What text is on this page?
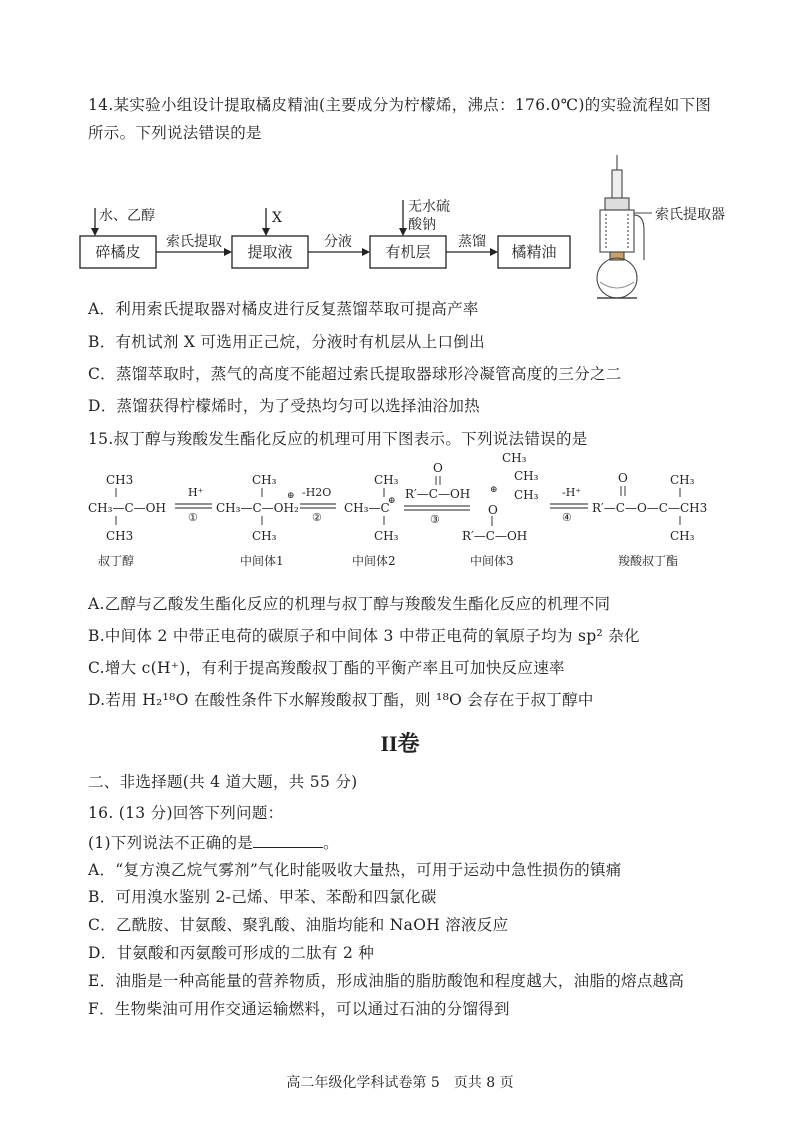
14.某实验小组设计提取橘皮精油(主要成分为柠檬烯，沸点：176.0℃)的实验流程如下图
所示。下列说法错误的是
碎橘皮	提取液	有机层	橘精油
索氏提取	分液	蒸馏
水、乙醇	X
无水硫
酸钠
索氏提取器
CH3
CH₃—C—OH
CH3
叔丁醇
H⁺
①
CH₃
⊕
CH₃—C—OH₂
CH₃
中间体1
-H2O
②
CH₃
CH₃—C
⊕
CH₃
中间体2
O
R′—C—OH
③
CH₃
CH₃
CH₃
⊕
O
R′—C—OH
中间体3
-H⁺
④
O	CH₃
R′—C—O—C—CH3
CH₃
羧酸叔丁酯
A．利用索氏提取器对橘皮进行反复蒸馏萃取可提高产率
B．有机试剂 X 可选用正己烷，分液时有机层从上口倒出
C．蒸馏萃取时，蒸气的高度不能超过索氏提取器球形冷凝管高度的三分之二
D．蒸馏获得柠檬烯时，为了受热均匀可以选择油浴加热
15.叔丁醇与羧酸发生酯化反应的机理可用下图表示。下列说法错误的是
A.乙醇与乙酸发生酯化反应的机理与叔丁醇与羧酸发生酯化反应的机理不同
B.中间体 2 中带正电荷的碳原子和中间体 3 中带正电荷的氧原子均为 sp² 杂化
C.增大 c(H⁺)，有利于提高羧酸叔丁酯的平衡产率且可加快反应速率
D.若用 H₂¹⁸O 在酸性条件下水解羧酸叔丁酯，则 ¹⁸O 会存在于叔丁醇中
II卷
二、非选择题(共 4 道大题，共 55 分)
16. (13 分)回答下列问题：
(1)下列说法不正确的是	。
A．“复方溴乙烷气雾剂”气化时能吸收大量热，可用于运动中急性损伤的镇痛
B．可用溴水鉴别 2-己烯、甲苯、苯酚和四氯化碳
C．乙酰胺、甘氨酸、聚乳酸、油脂均能和 NaOH 溶液反应
D．甘氨酸和丙氨酸可形成的二肽有 2 种
E．油脂是一种高能量的营养物质，形成油脂的脂肪酸饱和程度越大，油脂的熔点越高
F．生物柴油可用作交通运输燃料，可以通过石油的分馏得到
高二年级化学科试卷第 5　页共 8 页
